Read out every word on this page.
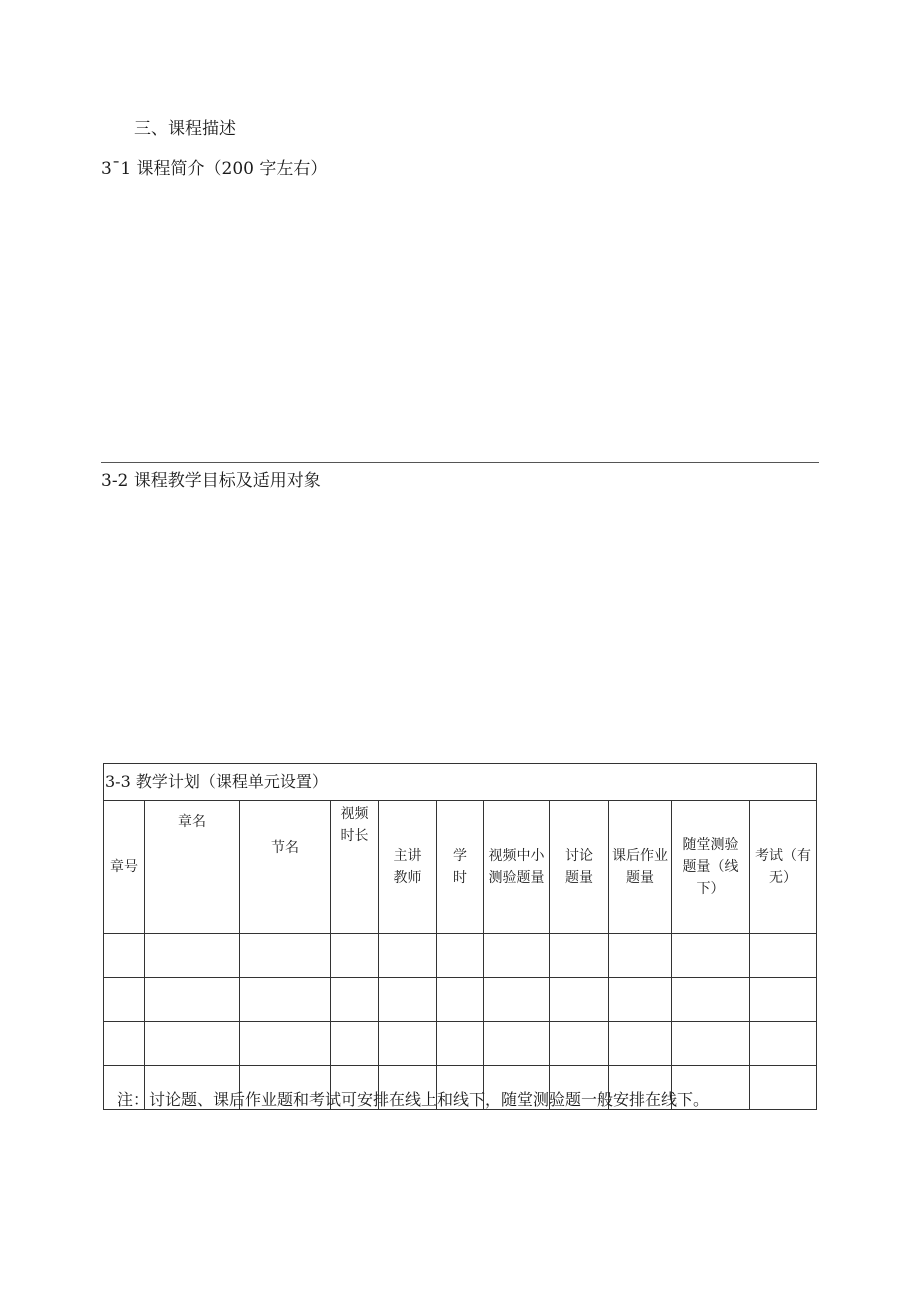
三、课程描述
3¯1 课程简介（200 字左右）
3-2 课程教学目标及适用对象
3-3 教学计划（课程单元设置）										
章号	章名	节名	视频时长	主讲教师	学时	视频中小测验题量	讨论题量	课后作业题量	随堂测验题量（线下）	考试（有无）

注：讨论题、课后作业题和考试可安排在线上和线下，随堂测验题一般安排在线下。
